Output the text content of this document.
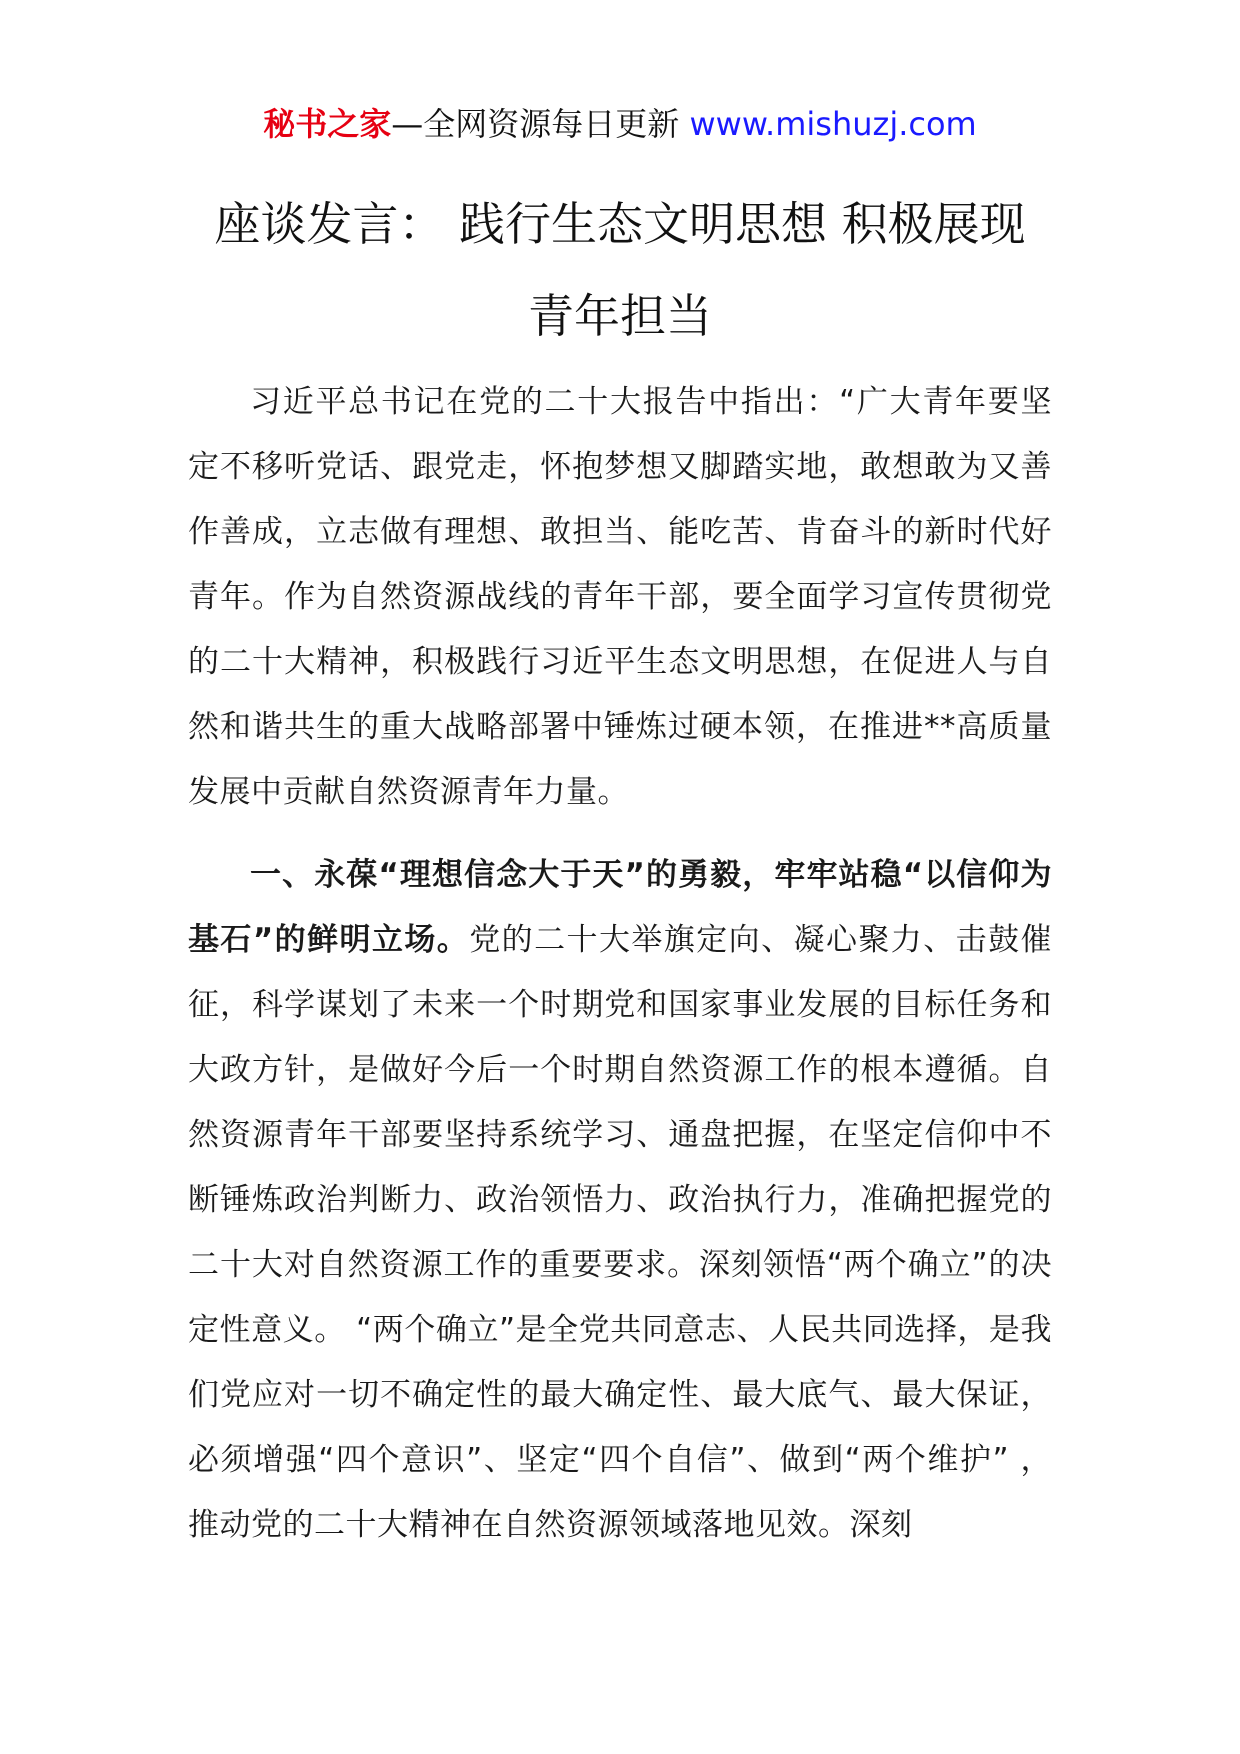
秘书之家—全网资源每日更新 www.mishuzj.com
座谈发言： 践行生态文明思想 积极展现
青年担当

习近平总书记在党的二十大报告中指出：“广大青年要坚定不移听党话、跟党走，怀抱梦想又脚踏实地，敢想敢为又善作善成，立志做有理想、敢担当、能吃苦、肯奋斗的新时代好青年。作为自然资源战线的青年干部，要全面学习宣传贯彻党的二十大精神，积极践行习近平生态文明思想，在促进人与自然和谐共生的重大战略部署中锤炼过硬本领，在推进**高质量发展中贡献自然资源青年力量。

一、永葆“理想信念大于天”的勇毅，牢牢站稳“以信仰为基石”的鲜明立场。党的二十大举旗定向、凝心聚力、击鼓催征，科学谋划了未来一个时期党和国家事业发展的目标任务和大政方针，是做好今后一个时期自然资源工作的根本遵循。自然资源青年干部要坚持系统学习、通盘把握，在坚定信仰中不断锤炼政治判断力、政治领悟力、政治执行力，准确把握党的二十大对自然资源工作的重要要求。深刻领悟“两个确立”的决定性意义。 “两个确立”是全党共同意志、人民共同选择，是我们党应对一切不确定性的最大确定性、最大底气、最大保证，必须增强“四个意识”、坚定“四个自信”、做到“两个维护” ，推动党的二十大精神在自然资源领域落地见效。深刻
